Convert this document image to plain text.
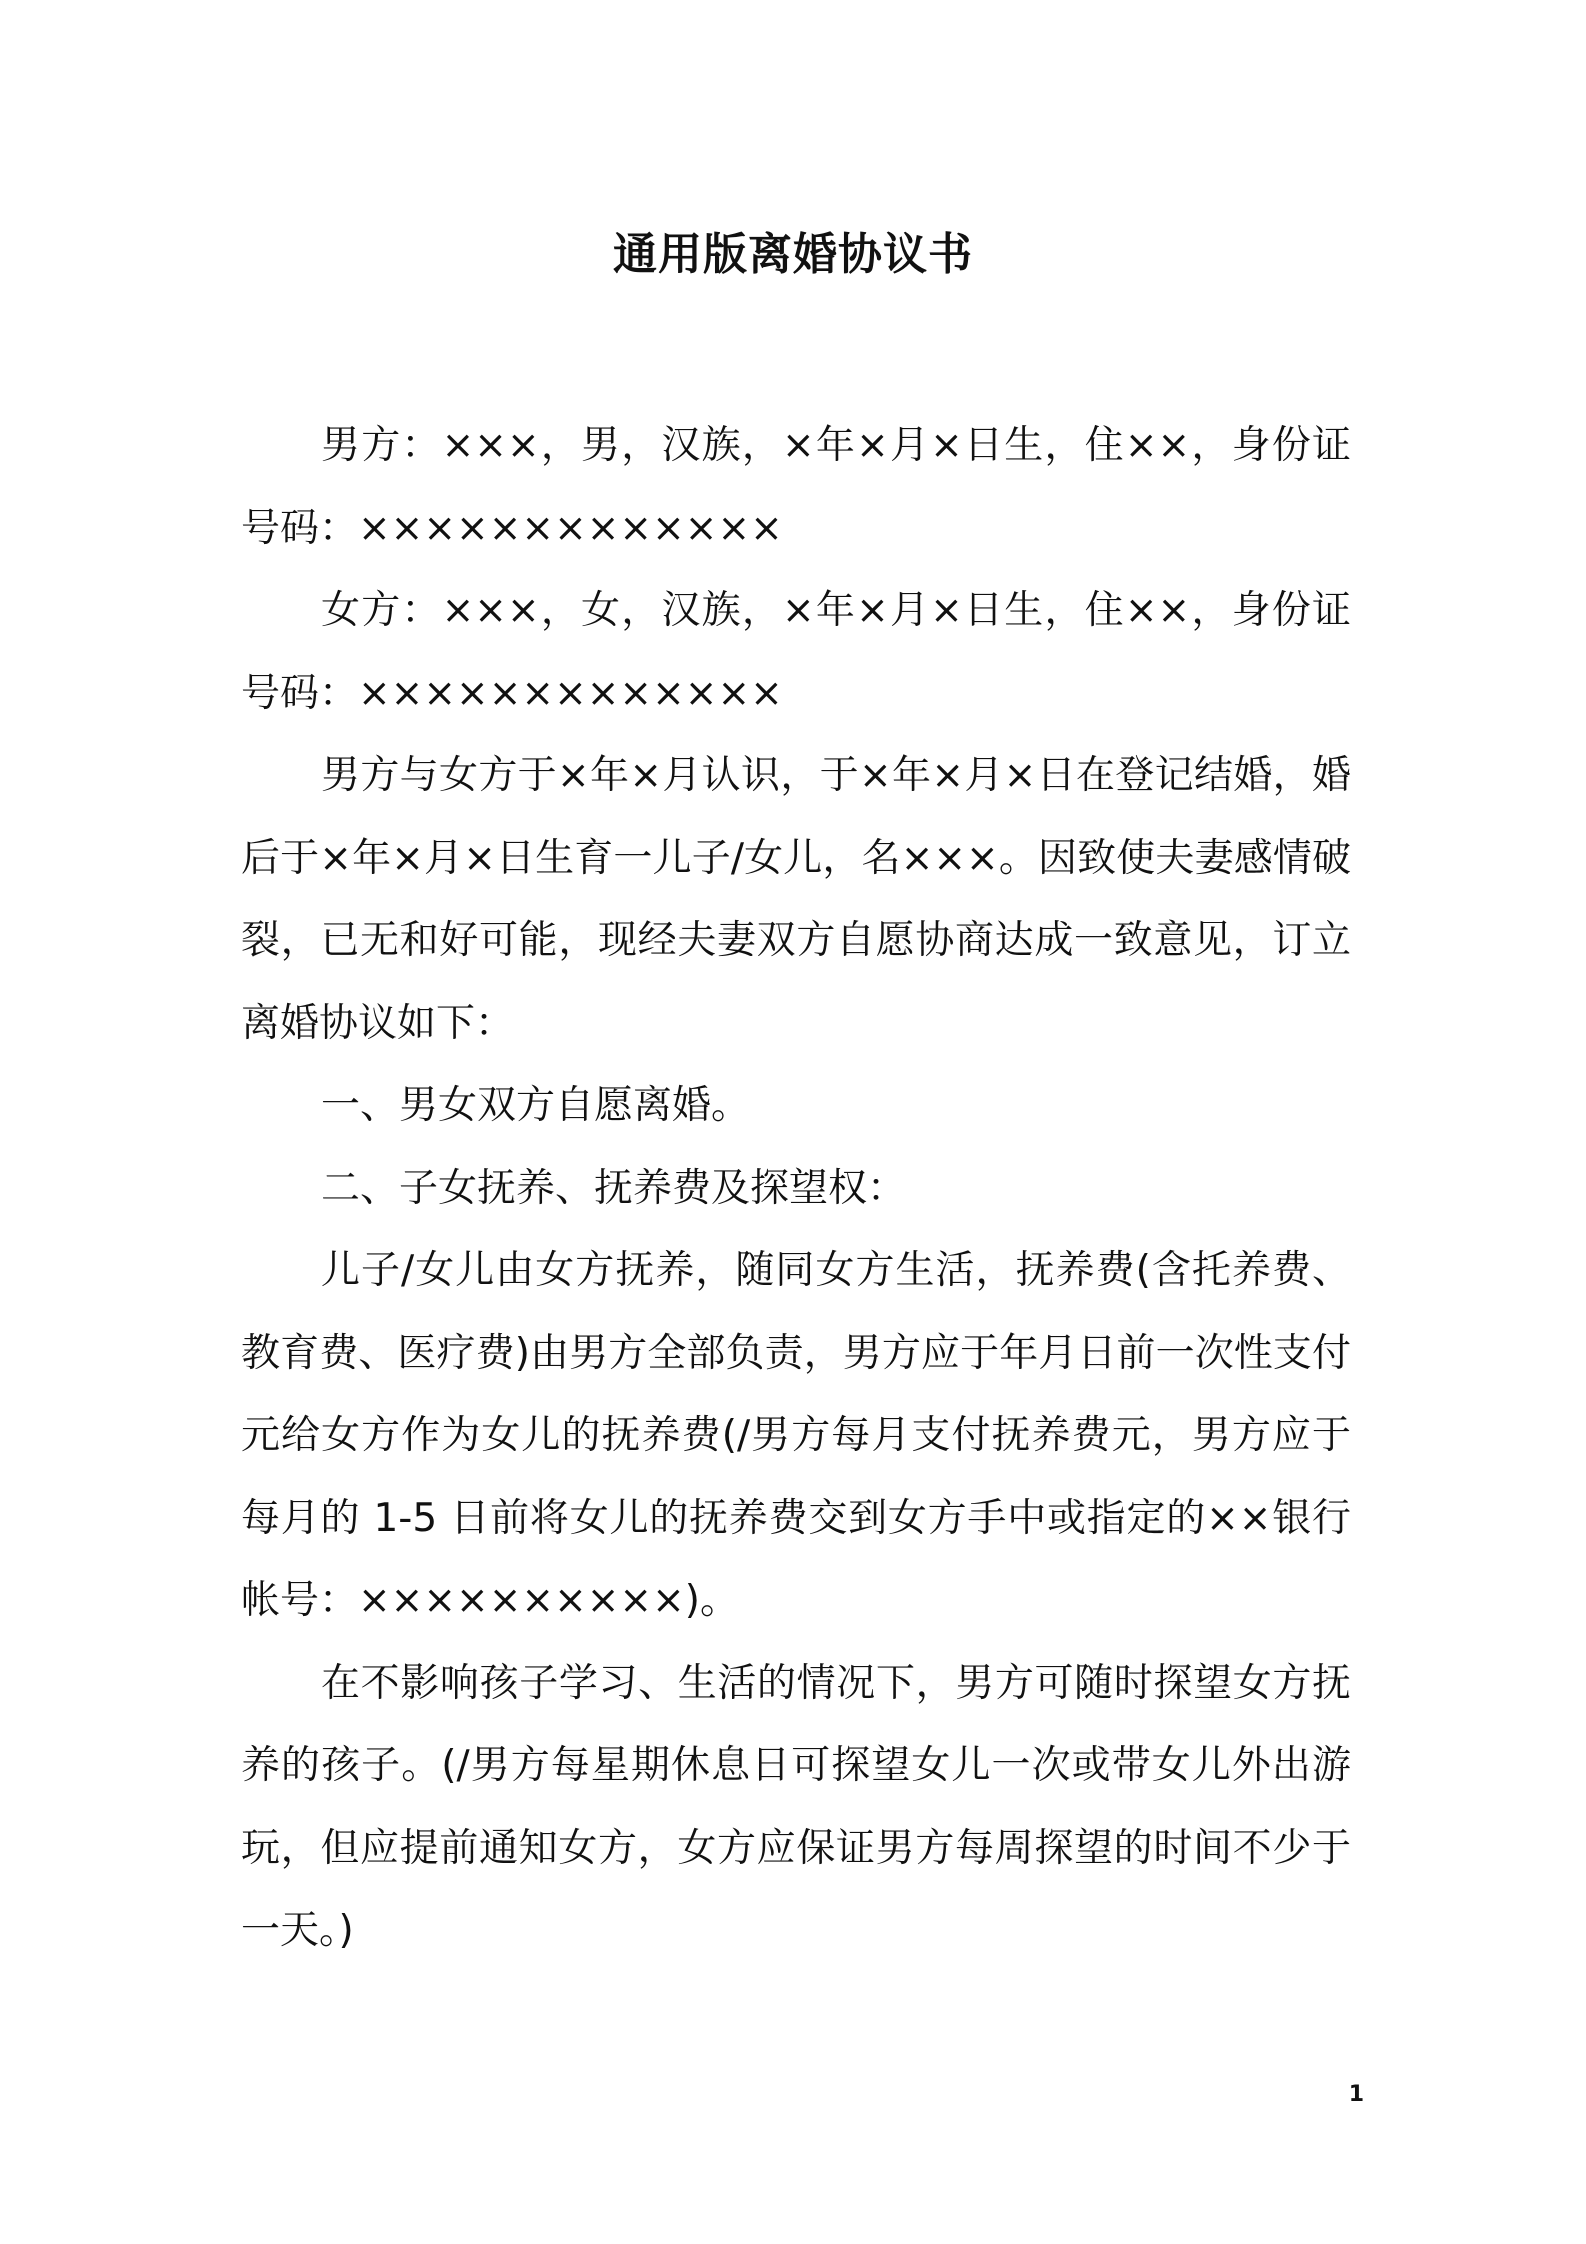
通用版离婚协议书

男方：×××，男，汉族，×年×月×日生，住××，身份证号码：×××××××××××××

女方：×××，女，汉族，×年×月×日生，住××，身份证号码：×××××××××××××

男方与女方于×年×月认识，于×年×月×日在登记结婚，婚后于×年×月×日生育一儿子/女儿，名×××。因致使夫妻感情破裂，已无和好可能，现经夫妻双方自愿协商达成一致意见，订立离婚协议如下：

一、男女双方自愿离婚。

二、子女抚养、抚养费及探望权：

儿子/女儿由女方抚养，随同女方生活，抚养费(含托养费、教育费、医疗费)由男方全部负责，男方应于年月日前一次性支付元给女方作为女儿的抚养费(/男方每月支付抚养费元，男方应于每月的 1-5 日前将女儿的抚养费交到女方手中或指定的××银行帐号：××××××××××)。

在不影响孩子学习、生活的情况下，男方可随时探望女方抚养的孩子。(/男方每星期休息日可探望女儿一次或带女儿外出游玩，但应提前通知女方，女方应保证男方每周探望的时间不少于一天。)

1
